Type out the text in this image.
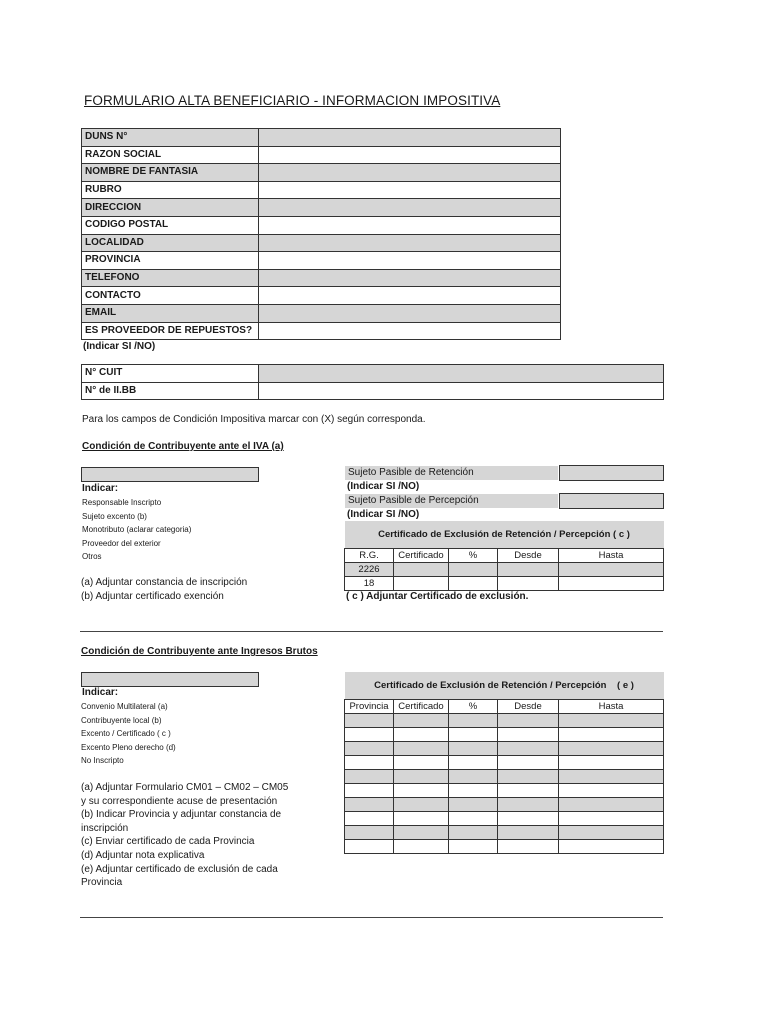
FORMULARIO ALTA BENEFICIARIO - INFORMACION IMPOSITIVA
DUNS N°	
RAZON SOCIAL	
NOMBRE DE FANTASIA	
RUBRO	
DIRECCION	
CODIGO POSTAL	
LOCALIDAD	
PROVINCIA	
TELEFONO	
CONTACTO	
EMAIL	
ES PROVEEDOR DE REPUESTOS?	
(Indicar SI /NO)
N° CUIT	
N° de II.BB	
Para los campos de Condición Impositiva marcar con (X) según corresponda.
Condición de Contribuyente ante el IVA (a)
Indicar:
Responsable Inscripto
Sujeto excento (b)
Monotributo (aclarar categoria)
Proveedor del exterior
Otros
(a) Adjuntar constancia de inscripción
(b) Adjuntar certificado exención
Sujeto Pasible de Retención
(Indicar SI /NO)
Sujeto Pasible de Percepción
(Indicar SI /NO)
Certificado de Exclusión de Retención / Percepción ( c )				
R.G.	Certificado	%	Desde	Hasta
2226				
18				
( c ) Adjuntar Certificado de exclusión.
Condición de Contribuyente ante Ingresos Brutos
Indicar:
Convenio Multilateral (a)
Contribuyente local (b)
Excento / Certificado ( c )
Excento Pleno derecho (d)
No Inscripto
(a) Adjuntar Formulario CM01 – CM02 – CM05
y su correspondiente acuse de presentación
(b) Indicar Provincia y adjuntar constancia de
inscripción
(c) Enviar certificado de cada Provincia
(d) Adjuntar nota explicativa
(e) Adjuntar certificado de exclusión de cada
Provincia
Certificado de Exclusión de Retención / Percepción ( e )				
Provincia	Certificado	%	Desde	Hasta
